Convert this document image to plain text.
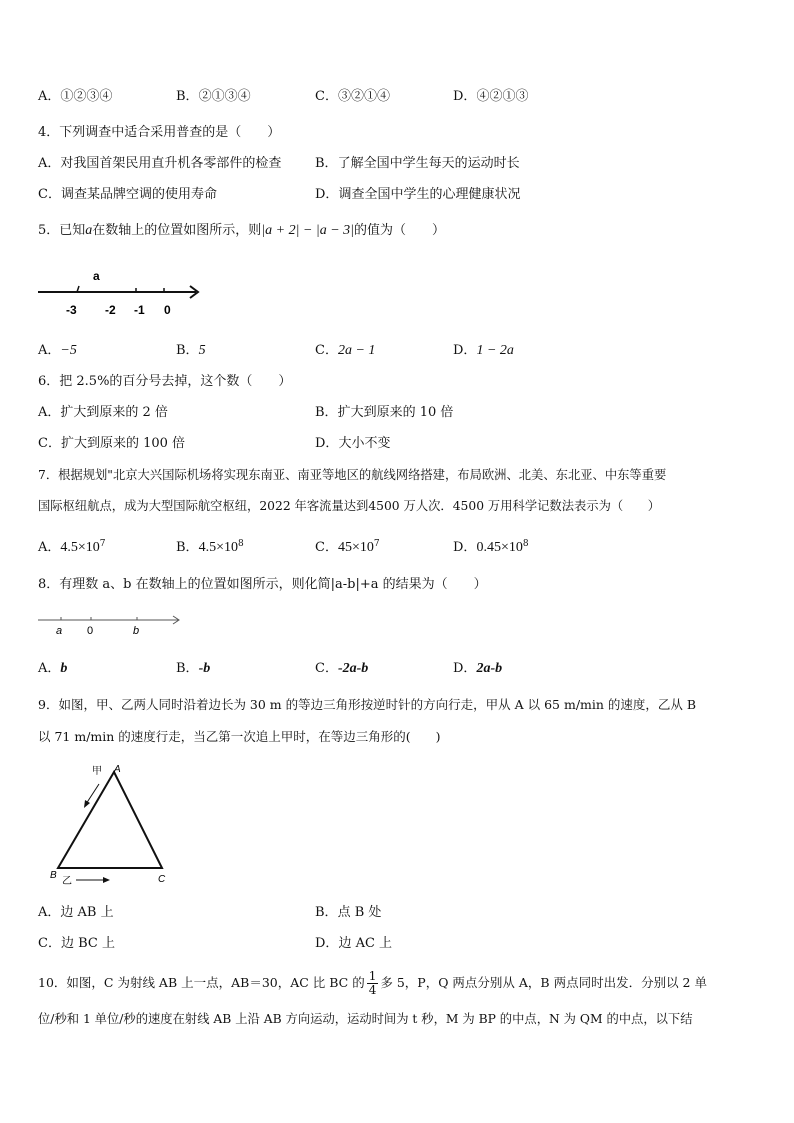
A．①②③④	B．②①③④	C．③②①④	D．④②①③
4．下列调查中适合采用普查的是（　　）
A．对我国首架民用直升机各零部件的检查	B．了解全国中学生每天的运动时长
C．调查某品牌空调的使用寿命	D．调查全国中学生的心理健康状况
5．已知a在数轴上的位置如图所示，则|a + 2| − |a − 3|的值为（　　）
a
-3 -2 -1 0
A．−5	B．5	C．2a − 1	D．1 − 2a
6．把 2.5%的百分号去掉，这个数（　　）
A．扩大到原来的 2 倍	B．扩大到原来的 10 倍
C．扩大到原来的 100 倍	D．大小不变
7．根据规划"北京大兴国际机场将实现东南亚、南亚等地区的航线网络搭建，布局欧洲、北美、东北亚、中东等重要
国际枢纽航点，成为大型国际航空枢纽，2022 年客流量达到4500 万人次．4500 万用科学记数法表示为（　　）
A．$4.5\times 10^7$	B．$4.5\times 10^8$	C．$45\times 10^7$	D．$0.45\times 10^8$
8．有理数 a、b 在数轴上的位置如图所示，则化简|a-b|+a 的结果为（　　）
a 0	b
A．b	B．-b	C．-2a-b	D．2a-b
9．如图，甲、乙两人同时沿着边长为 30 m 的等边三角形按逆时针的方向行走，甲从 A 以 65 m/min 的速度，乙从 B
以 71 m/min 的速度行走，当乙第一次追上甲时，在等边三角形的(　　)
A
B	C
甲
乙
A．边 AB 上	B．点 B 处
C．边 BC 上	D．边 AC 上
10．如图，C 为射线 AB 上一点，AB＝30，AC 比 BC 的 $\frac{1}{4}$ 多 5，P，Q 两点分别从 A，B 两点同时出发．分别以 2 单
位/秒和 1 单位/秒的速度在射线 AB 上沿 AB 方向运动，运动时间为 t 秒，M 为 BP 的中点，N 为 QM 的中点，以下结
